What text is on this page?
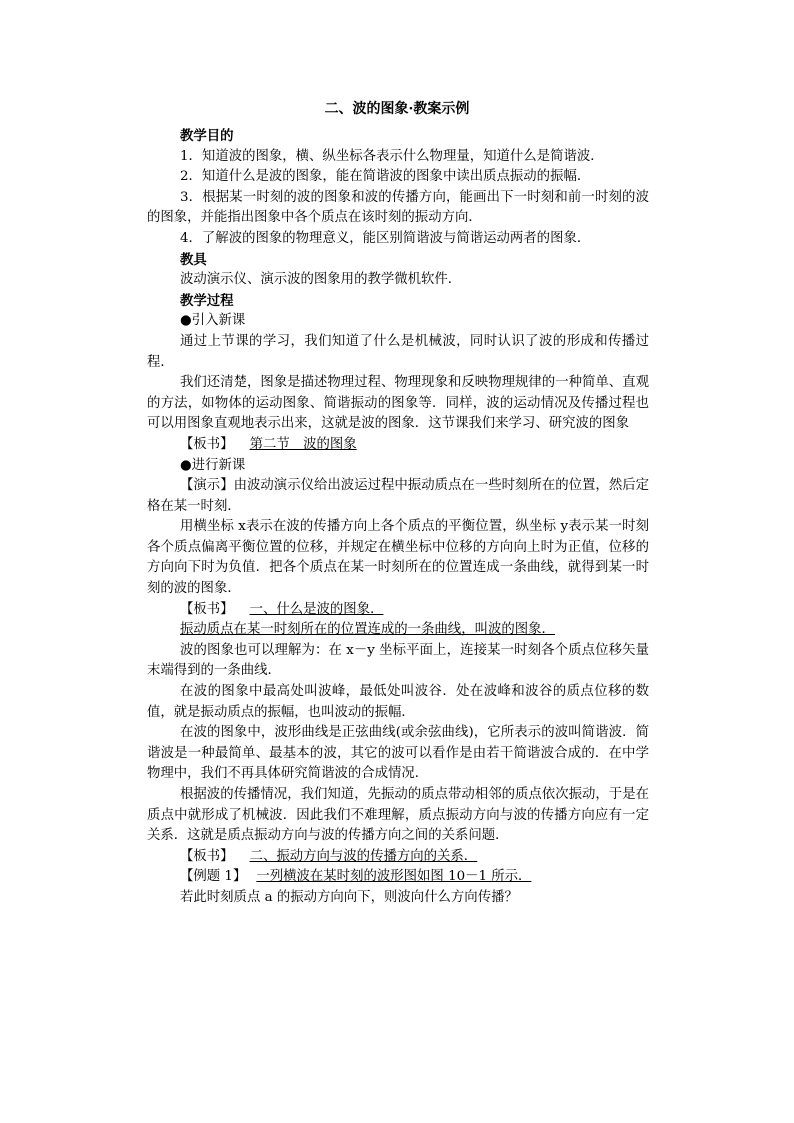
二、波的图象·教案示例

教学目的

1．知道波的图象，横、纵坐标各表示什么物理量，知道什么是简谐波．

2．知道什么是波的图象，能在简谐波的图象中读出质点振动的振幅．

3．根据某一时刻的波的图象和波的传播方向，能画出下一时刻和前一时刻的波的图象，并能指出图象中各个质点在该时刻的振动方向．

4．了解波的图象的物理意义，能区别简谐波与简谐运动两者的图象．

教具

波动演示仪、演示波的图象用的教学微机软件．

教学过程

●引入新课

通过上节课的学习，我们知道了什么是机械波，同时认识了波的形成和传播过程．

我们还清楚，图象是描述物理过程、物理现象和反映物理规律的一种简单、直观的方法，如物体的运动图象、简谐振动的图象等．同样，波的运动情况及传播过程也可以用图象直观地表示出来，这就是波的图象．这节课我们来学习、研究波的图象

【板书】 第二节　波的图象

●进行新课

【演示】由波动演示仪给出波运过程中振动质点在一些时刻所在的位置，然后定格在某一时刻．

用横坐标 x表示在波的传播方向上各个质点的平衡位置，纵坐标 y表示某一时刻各个质点偏离平衡位置的位移，并规定在横坐标中位移的方向向上时为正值，位移的方向向下时为负值．把各个质点在某一时刻所在的位置连成一条曲线，就得到某一时刻的波的图象．

【板书】 一、什么是波的图象．

振动质点在某一时刻所在的位置连成的一条曲线，叫波的图象．

波的图象也可以理解为：在 x－y 坐标平面上，连接某一时刻各个质点位移矢量末端得到的一条曲线．

在波的图象中最高处叫波峰，最低处叫波谷．处在波峰和波谷的质点位移的数值，就是振动质点的振幅，也叫波动的振幅．

在波的图象中，波形曲线是正弦曲线(或余弦曲线)，它所表示的波叫简谐波．简谐波是一种最简单、最基本的波，其它的波可以看作是由若干简谐波合成的．在中学物理中，我们不再具体研究简谐波的合成情况．

根据波的传播情况，我们知道，先振动的质点带动相邻的质点依次振动，于是在质点中就形成了机械波．因此我们不难理解，质点振动方向与波的传播方向应有一定关系．这就是质点振动方向与波的传播方向之间的关系问题．

【板书】 二、振动方向与波的传播方向的关系．

【例题 1】 一列横波在某时刻的波形图如图 10－1 所示．

若此时刻质点 a 的振动方向向下，则波向什么方向传播？
